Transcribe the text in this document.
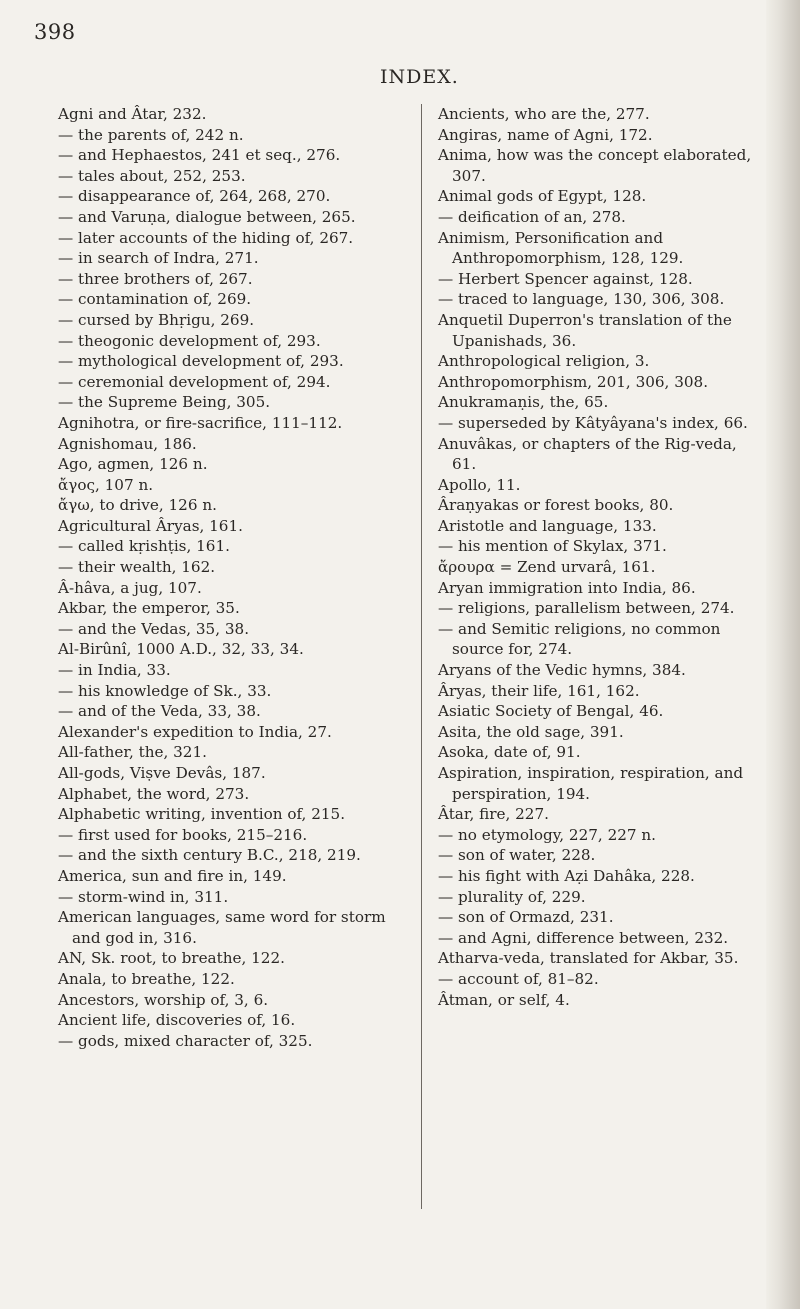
398
INDEX.
Agni and Âtar, 232.
— the parents of, 242 n.
— and Hephaestos, 241 et seq., 276.
— tales about, 252, 253.
— disappearance of, 264, 268, 270.
— and Varuṇa, dialogue between, 265.
— later accounts of the hiding of, 267.
— in search of Indra, 271.
— three brothers of, 267.
— contamination of, 269.
— cursed by Bhṛigu, 269.
— theogonic development of, 293.
— mythological development of, 293.
— ceremonial development of, 294.
— the Supreme Being, 305.
Agnihotra, or fire-sacrifice, 111–112.
Agnishomau, 186.
Ago, agmen, 126 n.
ἄγος, 107 n.
ἄγω, to drive, 126 n.
Agricultural Âryas, 161.
— called kṛishṭis, 161.
— their wealth, 162.
Â-hâva, a jug, 107.
Akbar, the emperor, 35.
— and the Vedas, 35, 38.
Al-Birûnî, 1000 A.D., 32, 33, 34.
— in India, 33.
— his knowledge of Sk., 33.
— and of the Veda, 33, 38.
Alexander's expedition to India, 27.
All-father, the, 321.
All-gods, Viṣve Devâs, 187.
Alphabet, the word, 273.
Alphabetic writing, invention of, 215.
— first used for books, 215–216.
— and the sixth century B.C., 218, 219.
America, sun and fire in, 149.
— storm-wind in, 311.
American languages, same word for storm and god in, 316.
AN, Sk. root, to breathe, 122.
Anala, to breathe, 122.
Ancestors, worship of, 3, 6.
Ancient life, discoveries of, 16.
— gods, mixed character of, 325.
Ancients, who are the, 277.
Angiras, name of Agni, 172.
Anima, how was the concept elaborated, 307.
Animal gods of Egypt, 128.
— deification of an, 278.
Animism, Personification and Anthropomorphism, 128, 129.
— Herbert Spencer against, 128.
— traced to language, 130, 306, 308.
Anquetil Duperron's translation of the Upanishads, 36.
Anthropological religion, 3.
Anthropomorphism, 201, 306, 308.
Anukramaṇis, the, 65.
— superseded by Kâtyâyana's index, 66.
Anuvâkas, or chapters of the Rig-veda, 61.
Apollo, 11.
Âraṇyakas or forest books, 80.
Aristotle and language, 133.
— his mention of Skylax, 371.
ἄρουρα = Zend urvarâ, 161.
Aryan immigration into India, 86.
— religions, parallelism between, 274.
— and Semitic religions, no common source for, 274.
Aryans of the Vedic hymns, 384.
Âryas, their life, 161, 162.
Asiatic Society of Bengal, 46.
Asita, the old sage, 391.
Asoka, date of, 91.
Aspiration, inspiration, respiration, and perspiration, 194.
Âtar, fire, 227.
— no etymology, 227, 227 n.
— son of water, 228.
— his fight with Aẓi Dahâka, 228.
— plurality of, 229.
— son of Ormazd, 231.
— and Agni, difference between, 232.
Atharva-veda, translated for Akbar, 35.
— account of, 81–82.
Âtman, or self, 4.
